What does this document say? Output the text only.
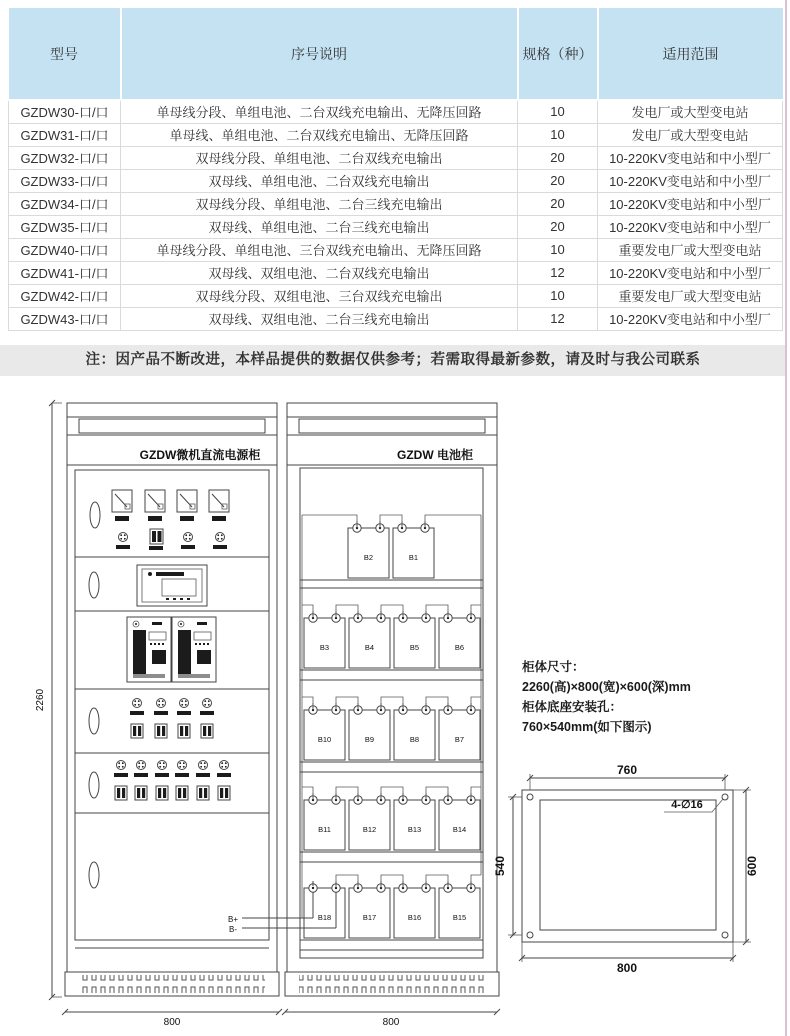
型号	序号说明	规格（种）	适用范围
GZDW30-口/口	单母线分段、单组电池、二台双线充电输出、无降压回路	10	发电厂或大型变电站
GZDW31-口/口	单母线、单组电池、二台双线充电输出、无降压回路	10	发电厂或大型变电站
GZDW32-口/口	双母线分段、单组电池、二台双线充电输出	20	10-220KV变电站和中小型厂
GZDW33-口/口	双母线、单组电池、二台双线充电输出	20	10-220KV变电站和中小型厂
GZDW34-口/口	双母线分段、单组电池、二台三线充电输出	20	10-220KV变电站和中小型厂
GZDW35-口/口	双母线、单组电池、二台三线充电输出	20	10-220KV变电站和中小型厂
GZDW40-口/口	单母线分段、单组电池、三台双线充电输出、无降压回路	10	重要发电厂或大型变电站
GZDW41-口/口	双母线、双组电池、二台双线充电输出	12	10-220KV变电站和中小型厂
GZDW42-口/口	双母线分段、双组电池、三台双线充电输出	10	重要发电厂或大型变电站
GZDW43-口/口	双母线、双组电池、二台三线充电输出	12	10-220KV变电站和中小型厂
注：因产品不断改进，本样品提供的数据仅供参考；若需取得最新参数，请及时与我公司联系
GZDW微机直流电源柜
B+
B-
GZDW 电池柜
B2	B1
B3	B4	B5	B6
B10	B9	B8	B7
B11	B12	B13	B14
B18	B17	B16	B15
2260
800	800
760
540	600
800
4-∅16
柜体尺寸：
2260(高)×800(宽)×600(深)mm
柜体底座安装孔：
760×540mm(如下图示)
